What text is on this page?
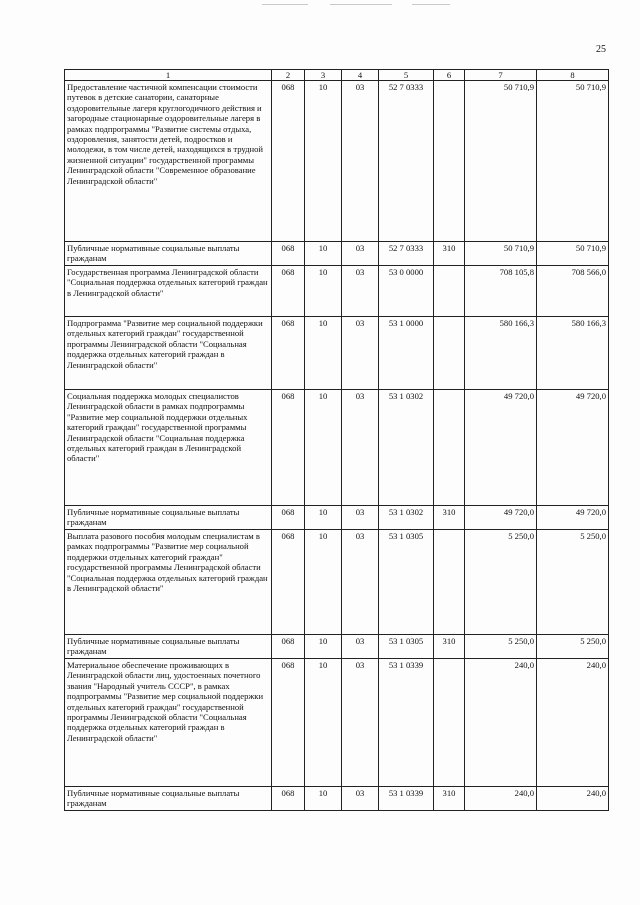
25
1	2	3	4	5	6	7	8
Предоставление частичной компенсации стоимости путевок в детские санатории, санаторные оздоровительные лагеря круглогодичного действия и загородные стационарные оздоровительные лагеря в рамках подпрограммы "Развитие системы отдыха, оздоровления, занятости детей, подростков и молодежи, в том числе детей, находящихся в трудной жизненной ситуации" государственной программы Ленинградской области "Современное образование Ленинградской области"	068	10	03	52 7 0333		50 710,9	50 710,9
Публичные нормативные социальные выплаты гражданам	068	10	03	52 7 0333	310	50 710,9	50 710,9
Государственная программа Ленинградской области "Социальная поддержка отдельных категорий граждан в Ленинградской области"	068	10	03	53 0 0000		708 105,8	708 566,0
Подпрограмма "Развитие мер социальной поддержки отдельных категорий граждан" государственной программы Ленинградской области "Социальная поддержка отдельных категорий граждан в Ленинградской области"	068	10	03	53 1 0000		580 166,3	580 166,3
Социальная поддержка молодых специалистов Ленинградской области в рамках подпрограммы "Развитие мер социальной поддержки отдельных категорий граждан" государственной программы Ленинградской области "Социальная поддержка отдельных категорий граждан в Ленинградской области"	068	10	03	53 1 0302		49 720,0	49 720,0
Публичные нормативные социальные выплаты гражданам	068	10	03	53 1 0302	310	49 720,0	49 720,0
Выплата разового пособия молодым специалистам в рамках подпрограммы "Развитие мер социальной поддержки отдельных категорий граждан" государственной программы Ленинградской области "Социальная поддержка отдельных категорий граждан в Ленинградской области"	068	10	03	53 1 0305		5 250,0	5 250,0
Публичные нормативные социальные выплаты гражданам	068	10	03	53 1 0305	310	5 250,0	5 250,0
Материальное обеспечение проживающих в Ленинградской области лиц, удостоенных почетного звания "Народный учитель СССР", в рамках подпрограммы "Развитие мер социальной поддержки отдельных категорий граждан" государственной программы Ленинградской области "Социальная поддержка отдельных категорий граждан в Ленинградской области"	068	10	03	53 1 0339		240,0	240,0
Публичные нормативные социальные выплаты гражданам	068	10	03	53 1 0339	310	240,0	240,0
